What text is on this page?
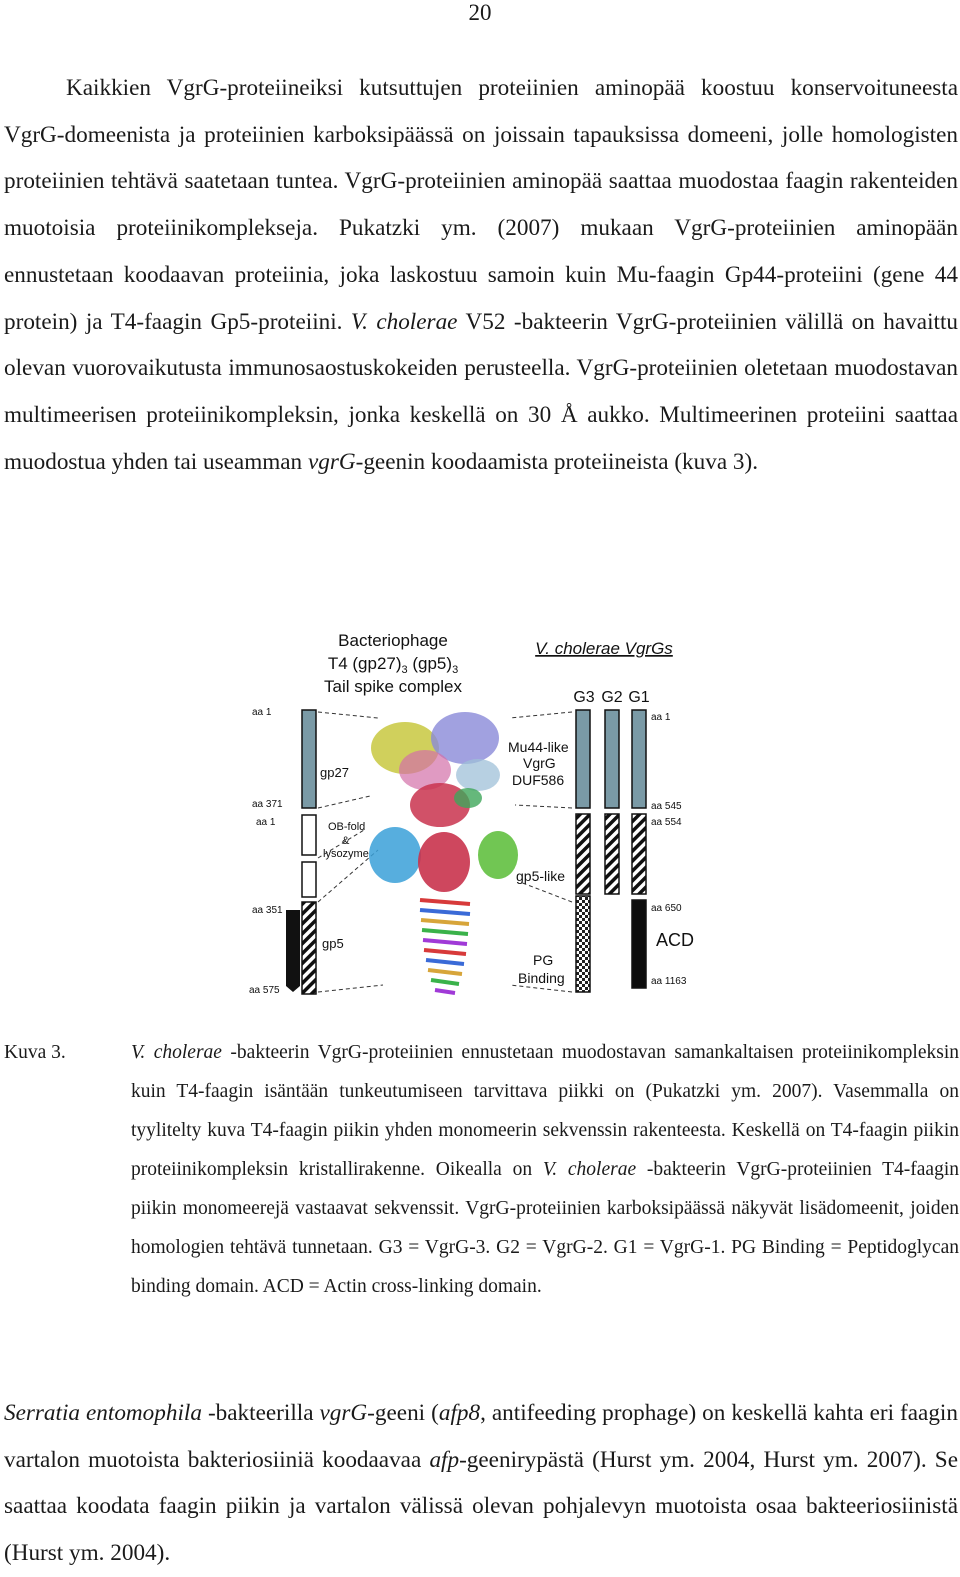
20

Kaikkien VgrG-proteiineiksi kutsuttujen proteiinien aminopää koostuu konservoituneesta VgrG-domeenista ja proteiinien karboksipäässä on joissain tapauksissa domeeni, jolle homologisten proteiinien tehtävä saatetaan tuntea. VgrG-proteiinien aminopää saattaa muodostaa faagin rakenteiden muotoisia proteiinikomplekseja. Pukatzki ym. (2007) mukaan VgrG-proteiinien aminopään ennustetaan koodaavan proteiinia, joka laskostuu samoin kuin Mu-faagin Gp44-proteiini (gene 44 protein) ja T4-faagin Gp5-proteiini. V. cholerae V52 -bakteerin VgrG-proteiinien välillä on havaittu olevan vuorovaikutusta immunosaostuskokeiden perusteella. VgrG-proteiinien oletetaan muodostavan multimeerisen proteiinikompleksin, jonka keskellä on 30 Å aukko. Multimeerinen proteiini saattaa muodostua yhden tai useamman vgrG-geenin koodaamista proteiineista (kuva 3).

Bacteriophage
T4 $(gp27)_3$ $(gp5)_3$
Tail spike complex
V. cholerae VgrGs
G3 G2 G1
aa 1
aa 371
aa 1
aa 351
aa 575
gp27
OB-fold
&
lysozyme
gp5
Mu44-like
VgrG
DUF586
gp5-like
PG
Binding
aa 1
aa 545
aa 554
aa 650
aa 1163
ACD
Kuva 3.	V. cholerae -bakteerin VgrG-proteiinien ennustetaan muodostavan samankaltaisen proteiinikompleksin kuin T4-faagin isäntään tunkeutumiseen tarvittava piikki on (Pukatzki ym. 2007). Vasemmalla on tyylitelty kuva T4-faagin piikin yhden monomeerin sekvenssin rakenteesta. Keskellä on T4-faagin piikin proteiinikompleksin kristallirakenne. Oikealla on V. cholerae -bakteerin VgrG-proteiinien T4-faagin piikin monomeerejä vastaavat sekvenssit. VgrG-proteiinien karboksipäässä näkyvät lisädomeenit, joiden homologien tehtävä tunnetaan. G3 = VgrG-3. G2 = VgrG-2. G1 = VgrG-1. PG Binding = Peptidoglycan binding domain. ACD = Actin cross-linking domain.

Serratia entomophila -bakteerilla vgrG-geeni (afp8, antifeeding prophage) on keskellä kahta eri faagin vartalon muotoista bakteriosiiniä koodaavaa afp-geenirypästä (Hurst ym. 2004, Hurst ym. 2007). Se saattaa koodata faagin piikin ja vartalon välissä olevan pohjalevyn muotoista osaa bakteeriosiinistä (Hurst ym. 2004).
